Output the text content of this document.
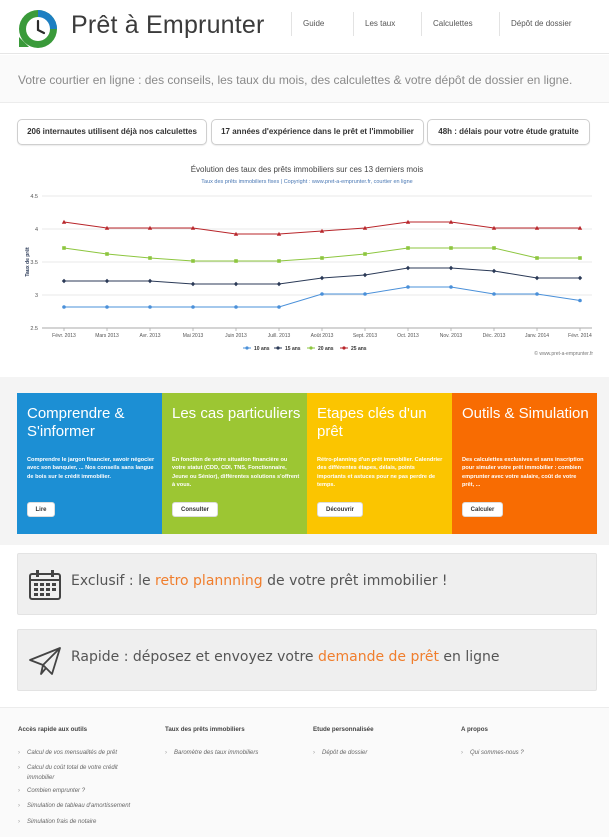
Prêt à Emprunter	Guide	Les taux	Calculettes	Dépôt de dossier
Votre courtier en ligne : des conseils, les taux du mois, des calculettes & votre dépôt de dossier en ligne.
206 internautes utilisent déjà nos calculettes	17 années d'expérience dans le prêt et l'immobilier	48h : délais pour votre étude gratuite
Évolution des taux des prêts immobiliers sur ces 13 derniers mois
Taux des prêts immobiliers fixes | Copyright : www.pret-a-emprunter.fr, courtier en ligne
4.5
4
3.5
3
2.5
Taux de prêt
Févr. 2013	Mars 2013	Avr. 2013	Mai 2013	Juin 2013	Juill. 2013	Août 2013	Sept. 2013	Oct. 2013	Nov. 2013	Déc. 2013	Janv. 2014	Févr. 2014
10 ans	15 ans	20 ans	25 ans
© www.pret-a-emprunter.fr
Comprendre & S'informer
Comprendre le jargon financier, savoir négocier avec son banquier, ... Nos conseils sans langue de bois sur le crédit immobilier.
Lire
Les cas particuliers
En fonction de votre situation financière ou votre statut (CDD, CDI, TNS, Fonctionnaire, Jeune ou Sénior), différentes solutions s'offrent à vous.
Consulter
Etapes clés d'un prêt
Rétro-planning d'un prêt immobilier. Calendrier des différentes étapes, délais, points importants et astuces pour ne pas perdre de temps.
Découvrir
Outils & Simulation
Des calculettes exclusives et sans inscription pour simuler votre prêt immobilier : combien emprunter avec votre salaire, coût de votre prêt, ...
Calculer
Exclusif : le retro plannning de votre prêt immobilier !
Rapide : déposez et envoyez votre demande de prêt en ligne
Accès rapide aux outils
› Calcul de vos mensualités de prêt
› Calcul du coût total de votre crédit immobilier
› Combien emprunter ?
› Simulation de tableau d'amortissement
› Simulation frais de notaire
Taux des prêts immobiliers
› Baromètre des taux immobiliers
Etude personnalisée
› Dépôt de dossier
A propos
› Qui sommes-nous ?
